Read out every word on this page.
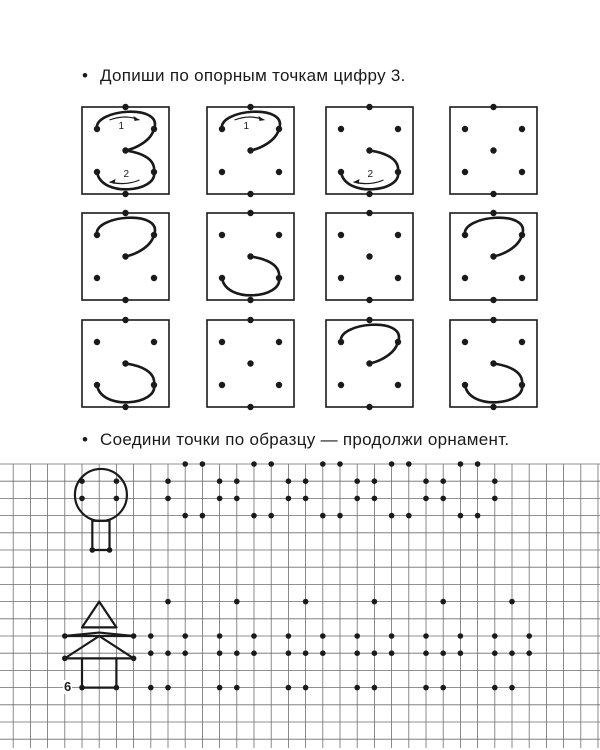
1
2
1
2
• Допиши по опорным точкам цифру 3.
• Соедини точки по образцу — продолжи орнамент.
6
